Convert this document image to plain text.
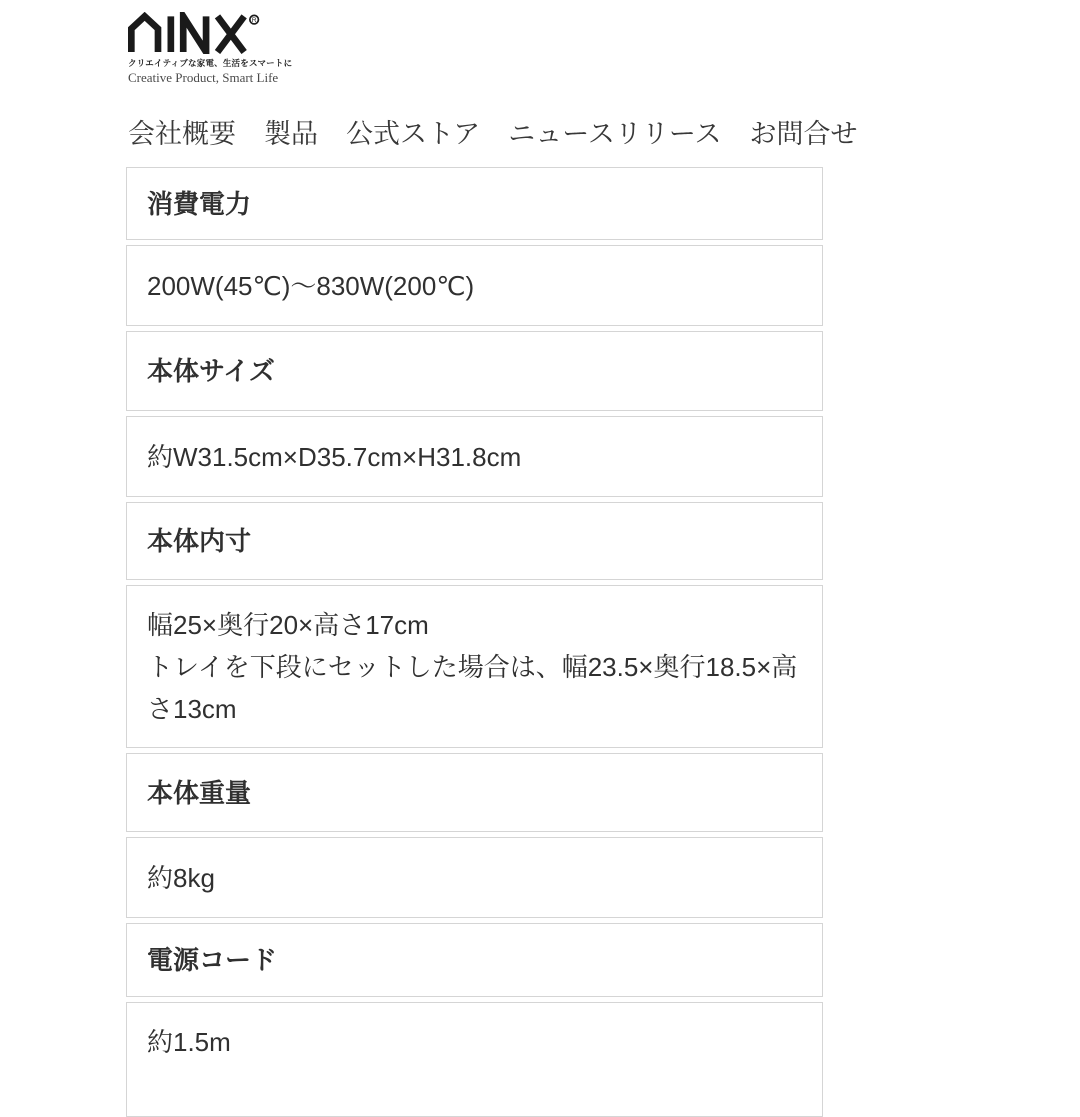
R
クリエイティブな家電、生活をスマートに
Creative Product, Smart Life
会社概要 製品 公式ストア ニュースリリース お問合せ
消費電力
200W(45℃)〜830W(200℃)
本体サイズ
約W31.5cm×D35.7cm×H31.8cm
本体内寸
幅25×奥行20×高さ17cm
トレイを下段にセットした場合は、幅23.5×奥行18.5×高さ13cm
本体重量
約8kg
電源コード
約1.5m
